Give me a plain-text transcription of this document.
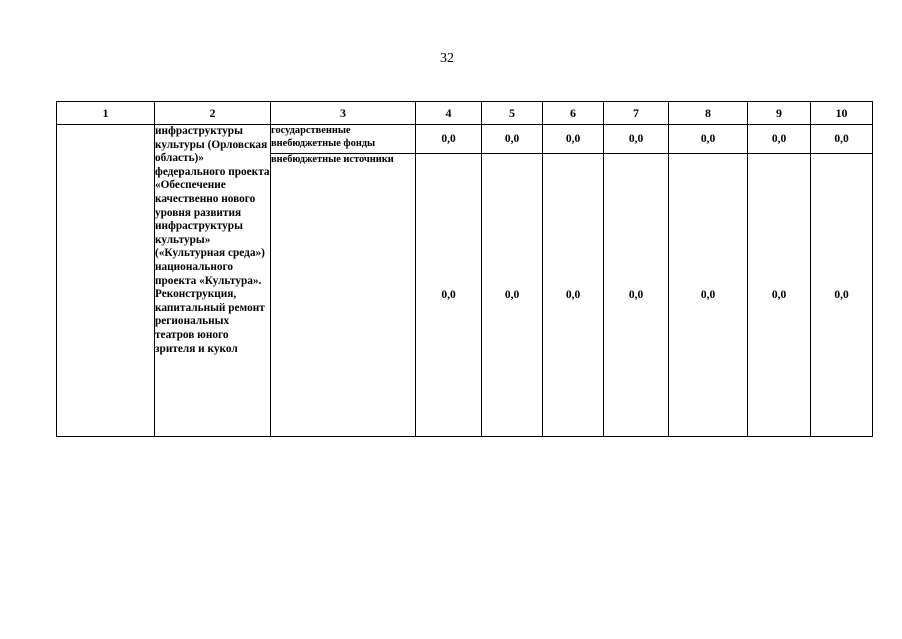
32
1	2	3	4	5	6	7	8	9	10
	инфраструктуры культуры (Орловская область)» федерального проекта «Обеспечение качественно нового уровня развития инфраструктуры культуры» («Культурная среда») национального проекта «Культура». Реконструкция, капитальный ремонт региональных театров юного зрителя и кукол	государственные внебюджетные фонды	0,0	0,0	0,0	0,0	0,0	0,0	0,0
		внебюджетные источники	0,0	0,0	0,0	0,0	0,0	0,0	0,0
